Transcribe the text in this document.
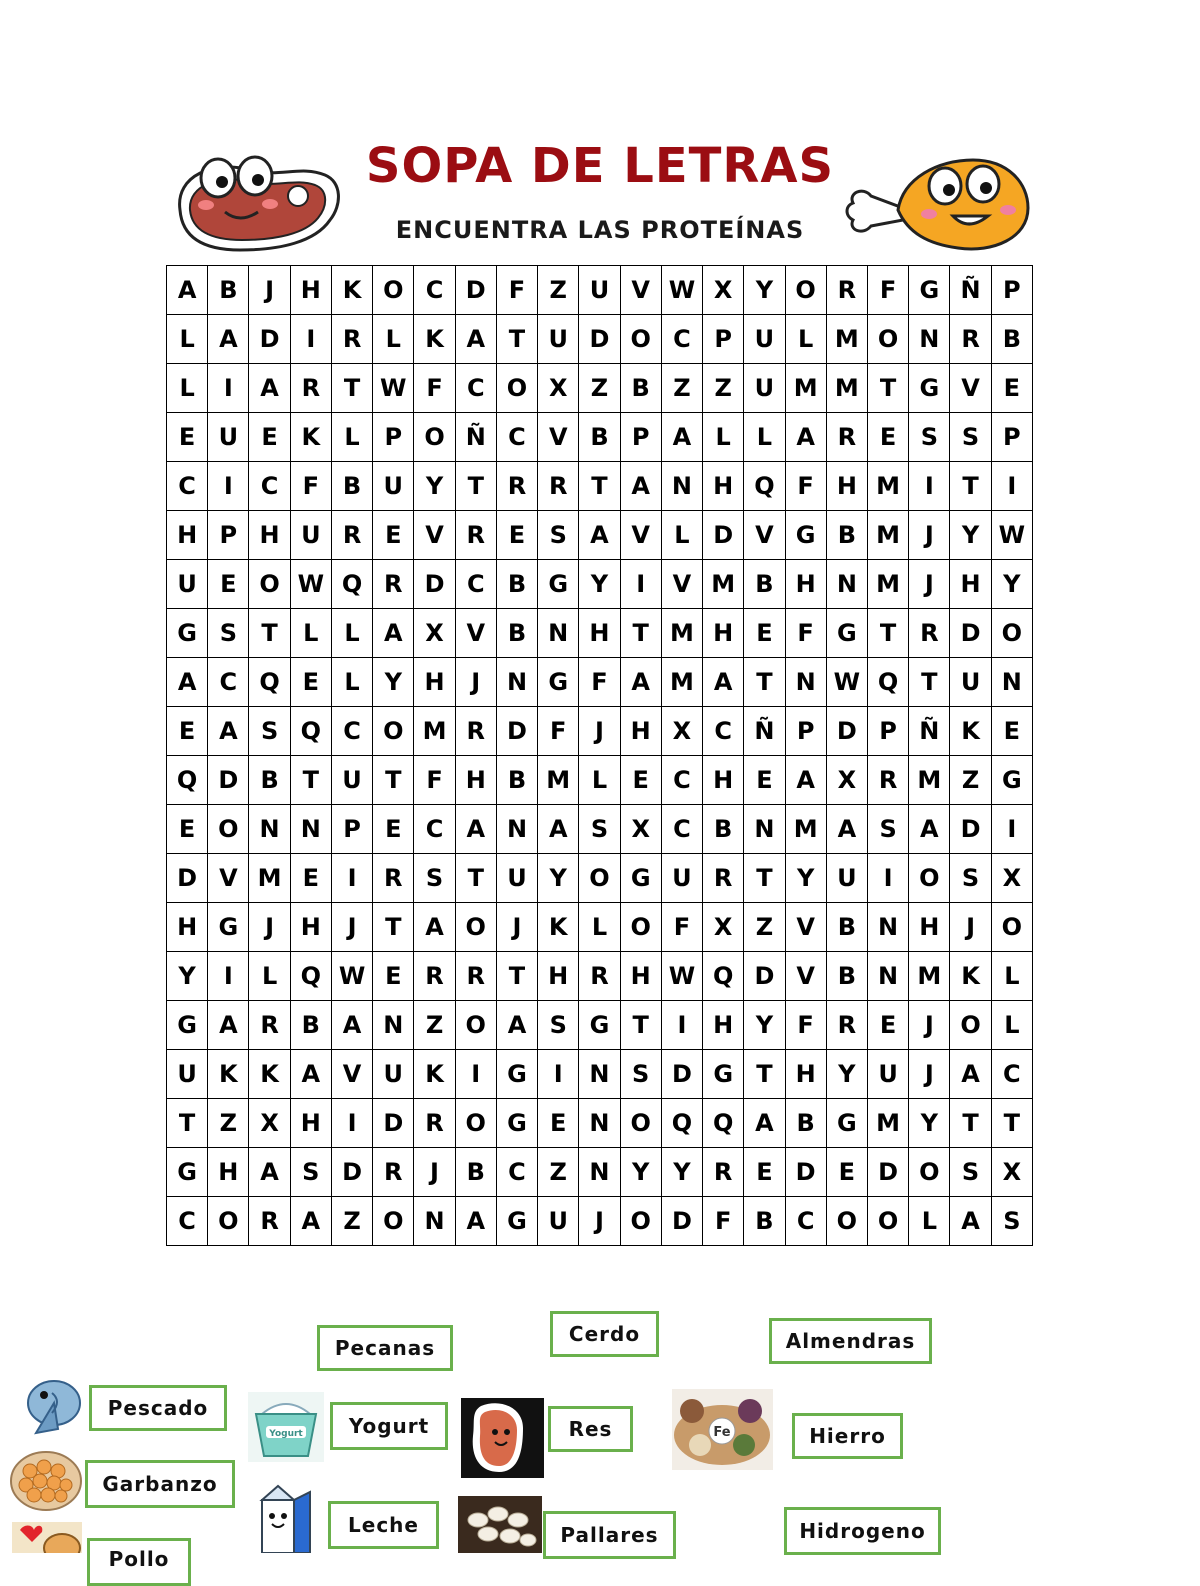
SOPA DE LETRAS
ENCUENTRA LAS PROTEÍNAS
A	B	J	H	K	O	C	D	F	Z	U	V	W	X	Y	O	R	F	G	Ñ	P
L	A	D	I	R	L	K	A	T	U	D	O	C	P	U	L	M	O	N	R	B
L	I	A	R	T	W	F	C	O	X	Z	B	Z	Z	U	M	M	T	G	V	E
E	U	E	K	L	P	O	Ñ	C	V	B	P	A	L	L	A	R	E	S	S	P
C	I	C	F	B	U	Y	T	R	R	T	A	N	H	Q	F	H	M	I	T	I
H	P	H	U	R	E	V	R	E	S	A	V	L	D	V	G	B	M	J	Y	W
U	E	O	W	Q	R	D	C	B	G	Y	I	V	M	B	H	N	M	J	H	Y
G	S	T	L	L	A	X	V	B	N	H	T	M	H	E	F	G	T	R	D	O
A	C	Q	E	L	Y	H	J	N	G	F	A	M	A	T	N	W	Q	T	U	N
E	A	S	Q	C	O	M	R	D	F	J	H	X	C	Ñ	P	D	P	Ñ	K	E
Q	D	B	T	U	T	F	H	B	M	L	E	C	H	E	A	X	R	M	Z	G
E	O	N	N	P	E	C	A	N	A	S	X	C	B	N	M	A	S	A	D	I
D	V	M	E	I	R	S	T	U	Y	O	G	U	R	T	Y	U	I	O	S	X
H	G	J	H	J	T	A	O	J	K	L	O	F	X	Z	V	B	N	H	J	O
Y	I	L	Q	W	E	R	R	T	H	R	H	W	Q	D	V	B	N	M	K	L
G	A	R	B	A	N	Z	O	A	S	G	T	I	H	Y	F	R	E	J	O	L
U	K	K	A	V	U	K	I	G	I	N	S	D	G	T	H	Y	U	J	A	C
T	Z	X	H	I	D	R	O	G	E	N	O	Q	Q	A	B	G	M	Y	T	T
G	H	A	S	D	R	J	B	C	Z	N	Y	Y	R	E	D	E	D	O	S	X
C	O	R	A	Z	O	N	A	G	U	J	O	D	F	B	C	O	O	L	A	S
Pecanas
Cerdo	Almendras
Pescado
Yogurt	Res	Hierro
Garbanzo
Leche	Pallares	Hidrogeno
Pollo
Yogurt	Fe
